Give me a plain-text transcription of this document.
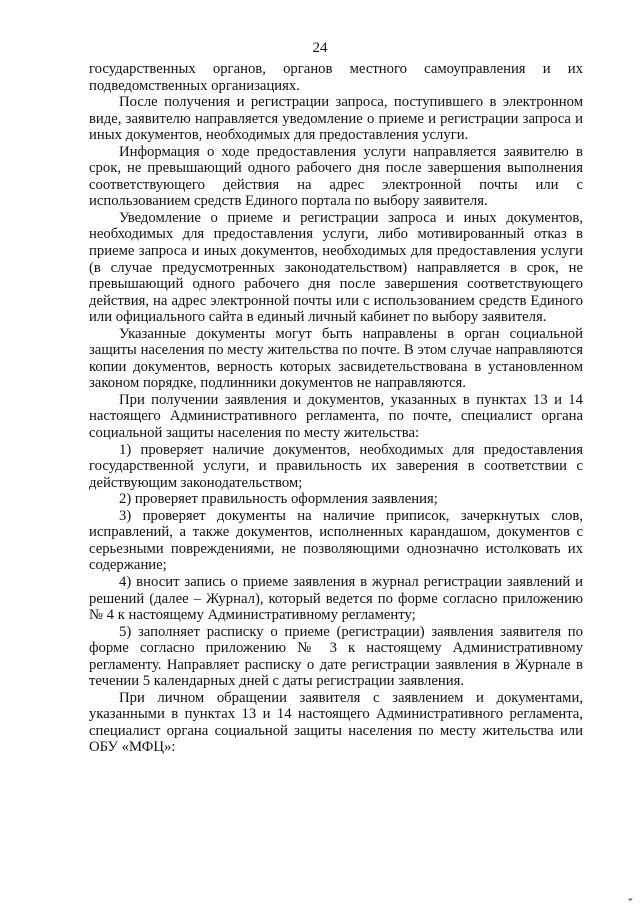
24

государственных органов, органов местного самоуправления и их подведомственных организациях.

После получения и регистрации запроса, поступившего в электронном виде, заявителю направляется уведомление о приеме и регистрации запроса и иных документов, необходимых для предоставления услуги.

Информация о ходе предоставления услуги направляется заявителю в срок, не превышающий одного рабочего дня после завершения выполнения соответствующего действия на адрес электронной почты или с использованием средств Единого портала по выбору заявителя.

Уведомление о приеме и регистрации запроса и иных документов, необходимых для предоставления услуги, либо мотивированный отказ в приеме запроса и иных документов, необходимых для предоставления услуги (в случае предусмотренных законодательством) направляется в срок, не превышающий одного рабочего дня после завершения соответствующего действия, на адрес электронной почты или с использованием средств Единого или официального сайта в единый личный кабинет по выбору заявителя.

Указанные документы могут быть направлены в орган социальной защиты населения по месту жительства по почте. В этом случае направляются копии документов, верность которых засвидетельствована в установленном законом порядке, подлинники документов не направляются.

При получении заявления и документов, указанных в пунктах 13 и 14 настоящего Административного регламента, по почте, специалист органа социальной защиты населения по месту жительства:

1) проверяет наличие документов, необходимых для предоставления государственной услуги, и правильность их заверения в соответствии с действующим законодательством;

2) проверяет правильность оформления заявления;

3) проверяет документы на наличие приписок, зачеркнутых слов, исправлений, а также документов, исполненных карандашом, документов с серьезными повреждениями, не позволяющими однозначно истолковать их содержание;

4) вносит запись о приеме заявления в журнал регистрации заявлений и решений (далее – Журнал), который ведется по форме согласно приложению № 4 к настоящему Административному регламенту;

5) заполняет расписку о приеме (регистрации) заявления заявителя по форме согласно приложению № 3 к настоящему Административному регламенту. Направляет расписку о дате регистрации заявления в Журнале в течении 5 календарных дней с даты регистрации заявления.

При личном обращении заявителя с заявлением и документами, указанными в пунктах 13 и 14 настоящего Административного регламента, специалист органа социальной защиты населения по месту жительства или ОБУ «МФЦ»:

▰
